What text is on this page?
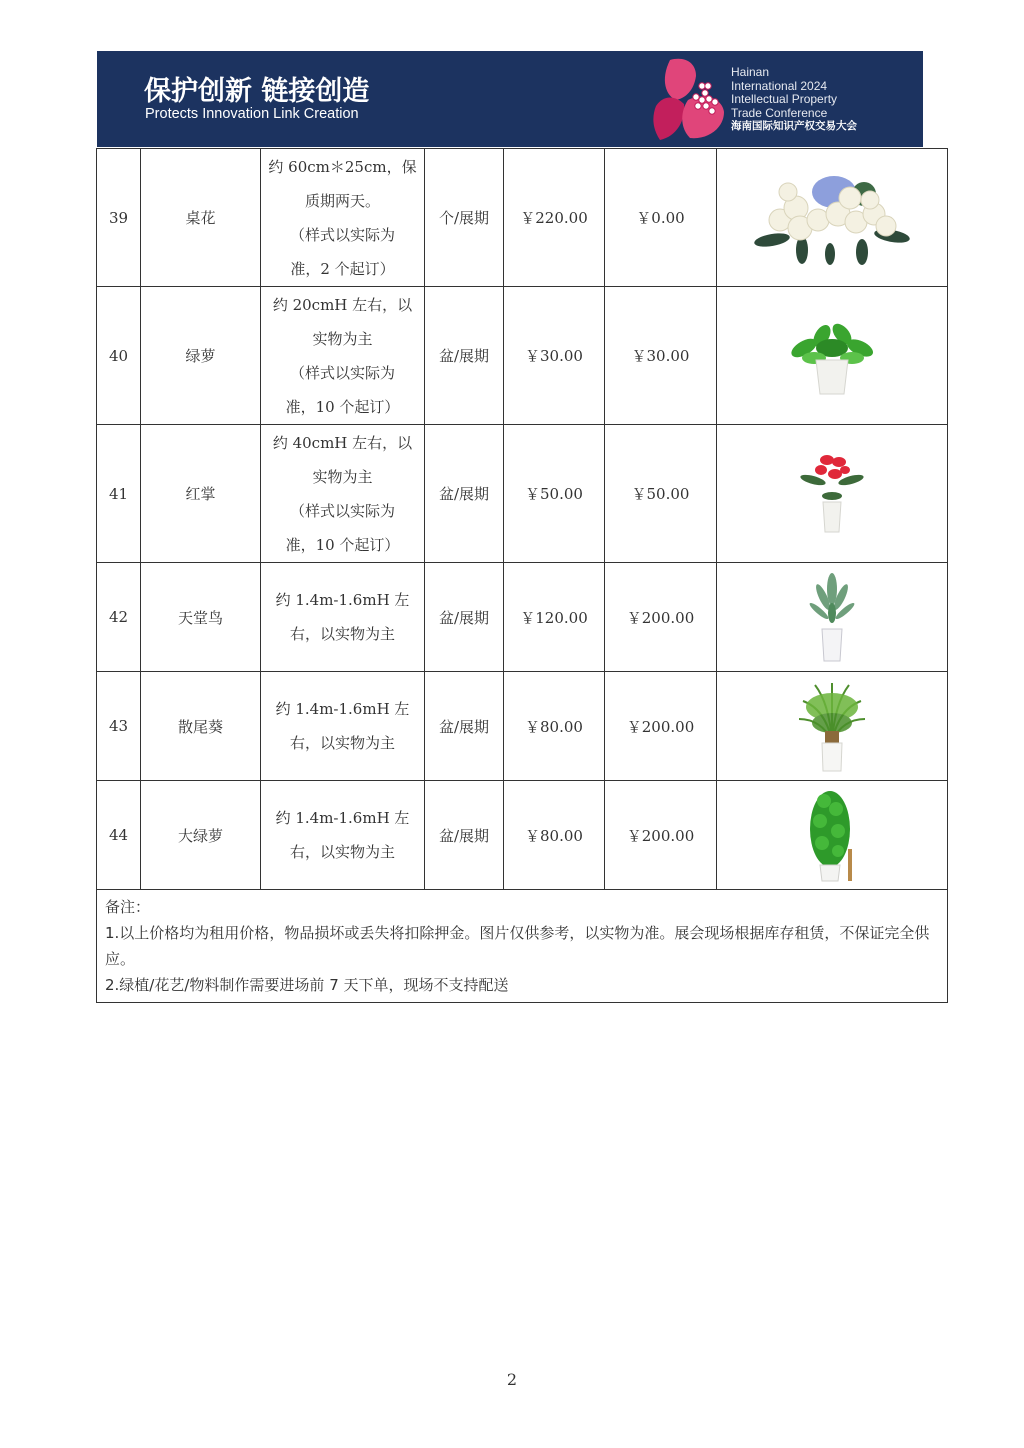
保护创新 链接创造
Protects Innovation Link Creation
Hainan
International 2024
Intellectual Property
Trade Conference
海南国际知识产权交易大会
39	桌花	约 60cm＊25cm，保
质期两天。
（样式以实际为
准，2 个起订）	个/展期	￥220.00	￥0.00	

40	绿萝	约 20cmH 左右，以
实物为主
（样式以实际为
准，10 个起订）	盆/展期	￥30.00	￥30.00	

41	红掌	约 40cmH 左右，以
实物为主
（样式以实际为
准，10 个起订）	盆/展期	￥50.00	￥50.00	

42	天堂鸟	约 1.4m-1.6mH 左
右，以实物为主	盆/展期	￥120.00	￥200.00	

43	散尾葵	约 1.4m-1.6mH 左
右，以实物为主	盆/展期	￥80.00	￥200.00	

44	大绿萝	约 1.4m-1.6mH 左
右，以实物为主	盆/展期	￥80.00	￥200.00	

备注：
1.以上价格均为租用价格，物品损坏或丢失将扣除押金。图片仅供参考，以实物为准。展会现场根据库存租赁，不保证完全供应。
2.绿植/花艺/物料制作需要进场前 7 天下单，现场不支持配送						
2
